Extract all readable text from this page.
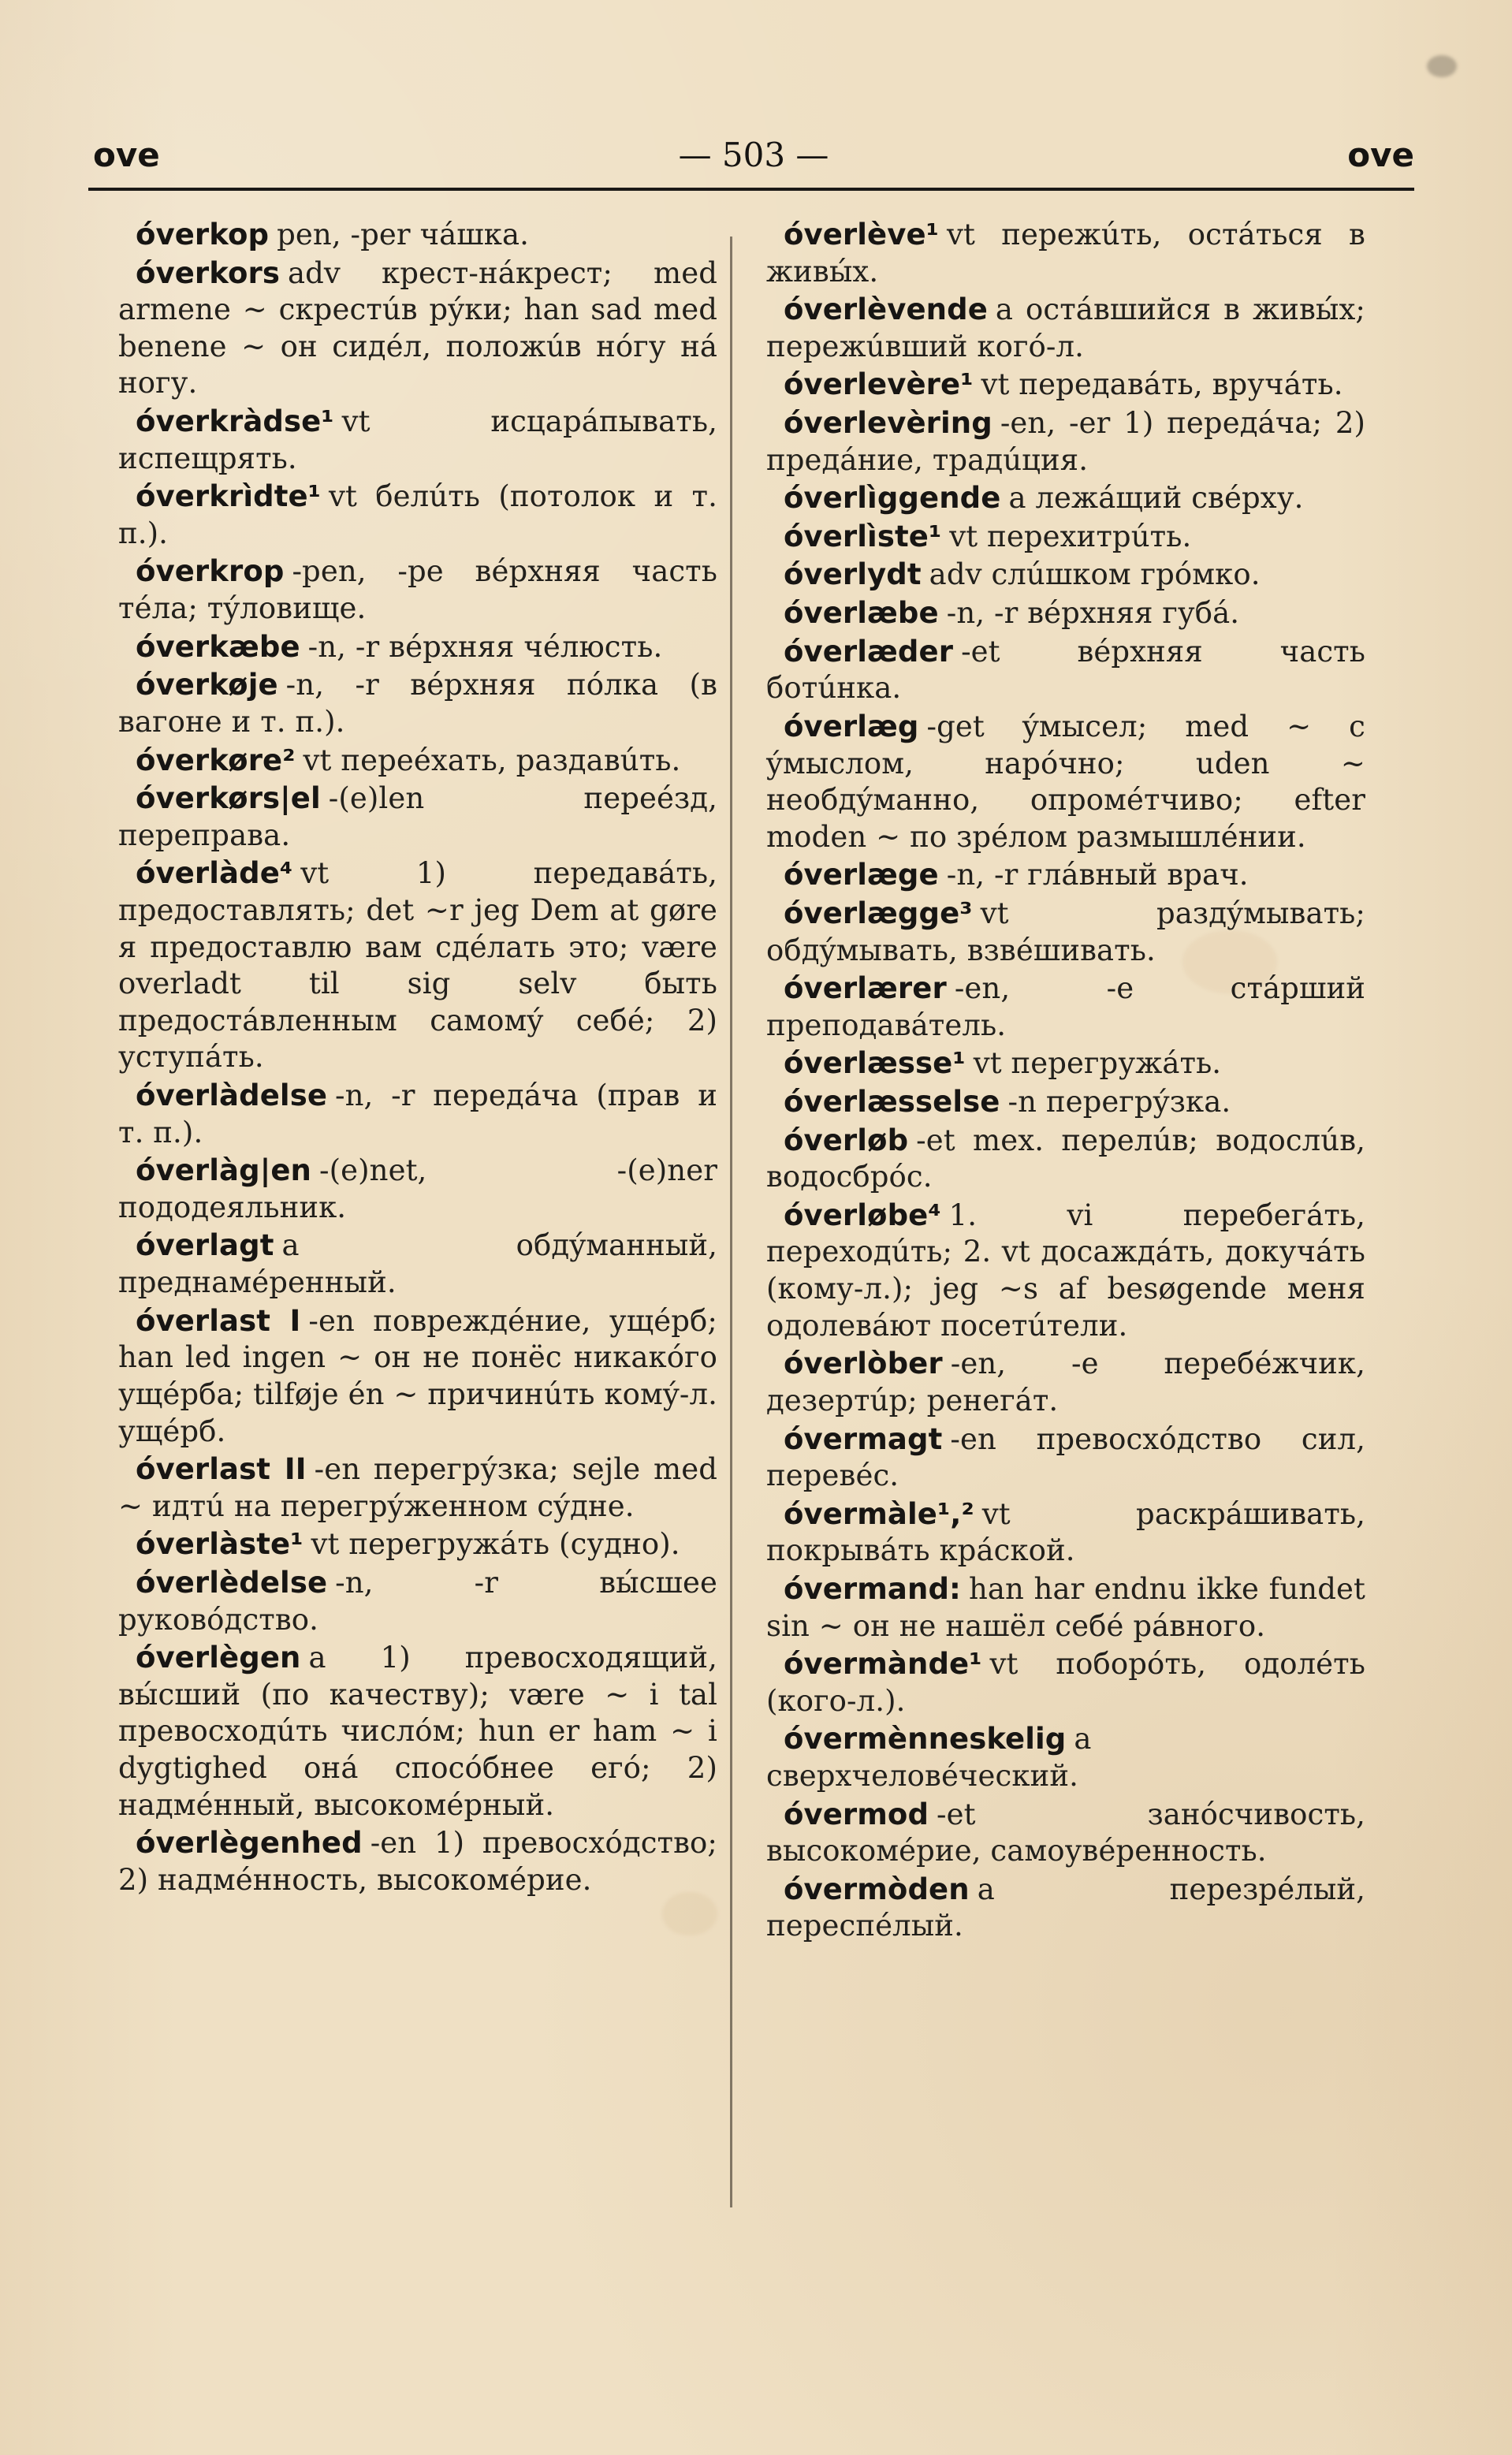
ove	— 503 —	ove

óverkop pen, -per чáшка.

óverkors adv крест-нáкрест; med armene ~ скрестúв рýки; han sad med benene ~ он сидéл, положúв нóгу нá ногу.

óverkràdse¹ vt исцарáпывать, испещрять.

óverkrìdte¹ vt белúть (потолок и т. п.).

óverkrop -pen, -pe вéрхняя часть тéла; тýловище.

óverkæbe -n, -r вéрхняя чéлюсть.

óverkøje -n, -r вéрхняя пóлка (в вагоне и т. п.).

óverkøre² vt переéхать, раздавúть.

óverkørs|el -(e)len переéзд, переправа.

óverlàde⁴ vt 1) передавáть, предоставлять; det ~r jeg Dem at gøre я предоставлю вам сдéлать это; være overladt til sig selv быть предостáвленным самомý себé; 2) уступáть.

óverlàdelse -n, -r передáча (прав и т. п.).

óverlàg|en -(e)net, -(e)ner пододеяльник.

óverlagt a обдýманный, преднамéренный.

óverlast I -en повреждéние, ущéрб; han led ingen ~ он не понёс никакóго ущéрба; tilføje én ~ причинúть комý-л. ущéрб.

óverlast II -en перегрýзка; sejle med ~ идтú на перегрýженном сýдне.

óverlàste¹ vt перегружáть (судно).

óverlèdelse -n, -r вы́сшее руковóдство.

óverlègen a 1) превосходящий, вы́сший (по качеству); være ~ i tal превосходúть числóм; hun er ham ~ i dygtighed онá спосóбнее егó; 2) надмéнный, высокомéрный.

óverlègenhed -en 1) превосхóдство; 2) надмéнность, высокомéрие.

óverlève¹ vt пережúть, остáться в живы́х.

óverlèvende a остáвшийся в живы́х; пережúвший когó-л.

óverlevère¹ vt передавáть, вручáть.

óverlevèring -en, -er 1) передáча; 2) предáние, традúция.

óverlìggende a лежáщий свéрху.

óverlìste¹ vt перехитрúть.

óverlydt adv слúшком грóмко.

óverlæbe -n, -r вéрхняя губá.

óverlæder -et вéрхняя часть ботúнка.

óverlæg -get ýмысел; med ~ с ýмыслом, нарóчно; uden ~ необдýманно, опромéтчиво; efter moden ~ по зрéлом размышлéнии.

óverlæge -n, -r глáвный врач.

óverlægge³ vt раздýмывать; обдýмывать, взвéшивать.

óverlærer -en, -e стáрший преподавáтель.

óverlæsse¹ vt перегружáть.

óverlæsselse -n перегрýзка.

óverløb -et mex. перелúв; водослúв, водосбрóс.

óverløbe⁴ 1. vi перебегáть, переходúть; 2. vt досаждáть, докучáть (кому-л.); jeg ~s af besøgende меня одолевáют посетúтели.

óverlòber -en, -e перебéжчик, дезертúр; ренегáт.

óvermagt -en превосхóдство сил, перевéс.

óvermàle¹,² vt раскрáшивать, покрывáть крáской.

óvermand: han har endnu ikke fundet sin ~ он не нашёл себé рáвного.

óvermànde¹ vt поборóть, одолéть (кого-л.).

óvermènneskelig a сверхчеловéческий.

óvermod -et занóсчивость, высокомéрие, самоувéренность.

óvermòden a перезрéлый, переспéлый.
